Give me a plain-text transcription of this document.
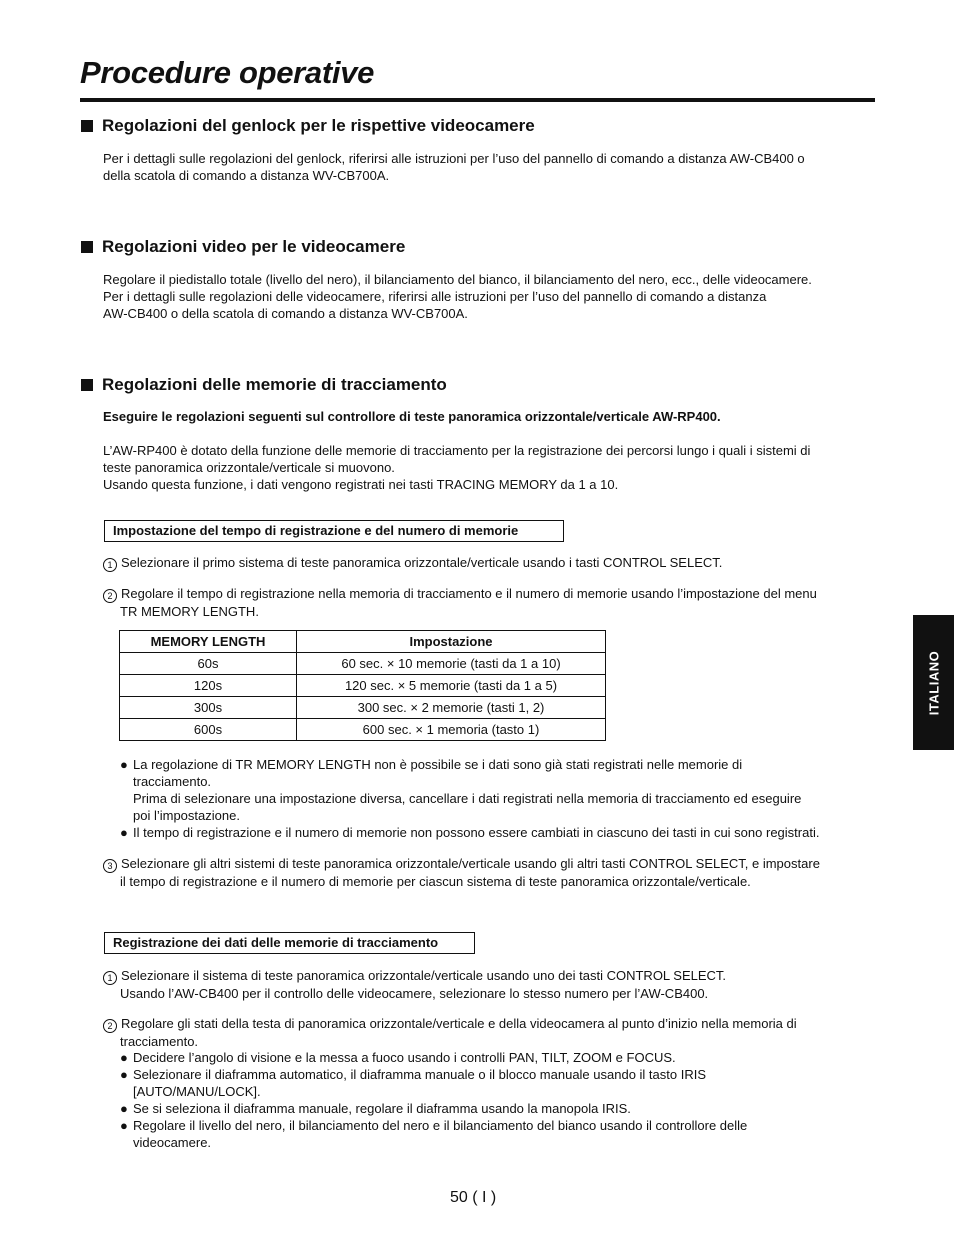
Procedure operative
Regolazioni del genlock per le rispettive videocamere

Per i dettagli sulle regolazioni del genlock, riferirsi alle istruzioni per l’uso del pannello di comando a distanza AW-CB400 o

della scatola di comando a distanza WV-CB700A.

Regolazioni video per le videocamere

Regolare il piedistallo totale (livello del nero), il bilanciamento del bianco, il bilanciamento del nero, ecc., delle videocamere.

Per i dettagli sulle regolazioni delle videocamere, riferirsi alle istruzioni per l’uso del pannello di comando a distanza

AW-CB400 o della scatola di comando a distanza WV-CB700A.

Regolazioni delle memorie di tracciamento

Eseguire le regolazioni seguenti sul controllore di teste panoramica orizzontale/verticale AW-RP400.

L’AW-RP400 è dotato della funzione delle memorie di tracciamento per la registrazione dei percorsi lungo i quali i sistemi di

teste panoramica orizzontale/verticale si muovono.

Usando questa funzione, i dati vengono registrati nei tasti TRACING MEMORY da 1 a 10.

Impostazione del tempo di registrazione e del numero di memorie
1 Selezionare il primo sistema di teste panoramica orizzontale/verticale usando i tasti CONTROL SELECT.
2 Regolare il tempo di registrazione nella memoria di tracciamento e il numero di memorie usando l’impostazione del menu
TR MEMORY LENGTH.
MEMORY LENGTH	Impostazione
60s	60 sec. × 10 memorie (tasti da 1 a 10)
120s	120 sec. × 5 memorie (tasti da 1 a 5)
300s	300 sec. × 2 memorie (tasti 1, 2)
600s	600 sec. × 1 memoria (tasto 1)
● La regolazione di TR MEMORY LENGTH non è possibile se i dati sono già stati registrati nelle memorie di
tracciamento.
Prima di selezionare una impostazione diversa, cancellare i dati registrati nella memoria di tracciamento ed eseguire
poi l’impostazione.
● Il tempo di registrazione e il numero di memorie non possono essere cambiati in ciascuno dei tasti in cui sono registrati.
3 Selezionare gli altri sistemi di teste panoramica orizzontale/verticale usando gli altri tasti CONTROL SELECT, e impostare
il tempo di registrazione e il numero di memorie per ciascun sistema di teste panoramica orizzontale/verticale.
Registrazione dei dati delle memorie di tracciamento
1 Selezionare il sistema di teste panoramica orizzontale/verticale usando uno dei tasti CONTROL SELECT.
Usando l’AW-CB400 per il controllo delle videocamere, selezionare lo stesso numero per l’AW-CB400.
2 Regolare gli stati della testa di panoramica orizzontale/verticale e della videocamera al punto d’inizio nella memoria di
tracciamento.
● Decidere l’angolo di visione e la messa a fuoco usando i controlli PAN, TILT, ZOOM e FOCUS.
● Selezionare il diaframma automatico, il diaframma manuale o il blocco manuale usando il tasto IRIS
[AUTO/MANU/LOCK].
● Se si seleziona il diaframma manuale, regolare il diaframma usando la manopola IRIS.
● Regolare il livello del nero, il bilanciamento del nero e il bilanciamento del bianco usando il controllore delle
videocamere.
ITALIANO
50 ( I )
